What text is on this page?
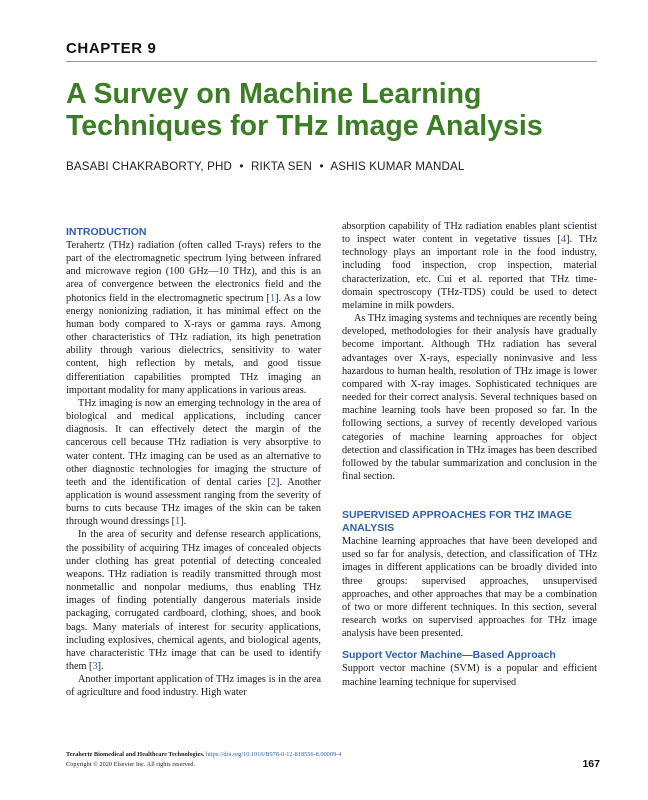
CHAPTER 9
A Survey on Machine Learning Techniques for THz Image Analysis
BASABI CHAKRABORTY, PHD • RIKTA SEN • ASHIS KUMAR MANDAL
INTRODUCTION

Terahertz (THz) radiation (often called T-rays) refers to the part of the electromagnetic spectrum lying between infrared and microwave region (100 GHz—10 THz), and this is an area of convergence between the electronics field and the photonics field in the electromagnetic spectrum [1]. As a low energy nonionizing radiation, it has minimal effect on the human body compared to X-rays or gamma rays. Among other characteristics of THz radiation, its high penetration ability through various dielectrics, sensitivity to water content, high reflection by metals, and good tissue differentiation capabilities prompted THz imaging an important modality for many applications in various areas.

THz imaging is now an emerging technology in the area of biological and medical applications, including cancer diagnosis. It can effectively detect the margin of the cancerous cell because THz radiation is very absorptive to water content. THz imaging can be used as an alternative to other diagnostic technologies for imaging the structure of teeth and the identification of dental caries [2]. Another application is wound assessment ranging from the severity of burns to cuts because THz images of the skin can be taken through wound dressings [1].

In the area of security and defense research applications, the possibility of acquiring THz images of concealed objects under clothing has great potential of detecting concealed weapons. THz radiation is readily transmitted through most nonmetallic and nonpolar mediums, thus enabling THz images of finding potentially dangerous materials inside packaging, corrugated cardboard, clothing, shoes, and book bags. Many materials of interest for security applications, including explosives, chemical agents, and biological agents, have characteristic THz image that can be used to identify them [3].

Another important application of THz images is in the area of agriculture and food industry. High water

absorption capability of THz radiation enables plant scientist to inspect water content in vegetative tissues [4]. THz technology plays an important role in the food industry, including food inspection, crop inspection, material characterization, etc. Cui et al. reported that THz time-domain spectroscopy (THz-TDS) could be used to detect melamine in milk powders.

As THz imaging systems and techniques are recently being developed, methodologies for their analysis have gradually become important. Although THz radiation has several advantages over X-rays, especially noninvasive and less hazardous to human health, resolution of THz image is lower compared with X-ray images. Sophisticated techniques are needed for their correct analysis. Several techniques based on machine learning tools have been proposed so far. In the following sections, a survey of recently developed various categories of machine learning approaches for object detection and classification in THz images has been described followed by the tabular summarization and conclusion in the final section.

SUPERVISED APPROACHES FOR THZ IMAGE ANALYSIS

Machine learning approaches that have been developed and used so far for analysis, detection, and classification of THz images in different applications can be broadly divided into three groups: supervised approaches, unsupervised approaches, and other approaches that may be a combination of two or more different techniques. In this section, several research works on supervised approaches for THz image analysis have been presented.

Support Vector Machine—Based Approach

Support vector machine (SVM) is a popular and efficient machine learning technique for supervised

Terahertz Biomedical and Healthcare Technologies. https://doi.org/10.1016/B978-0-12-818556-8.00009-4
Copyright © 2020 Elsevier Inc. All rights reserved.	167
